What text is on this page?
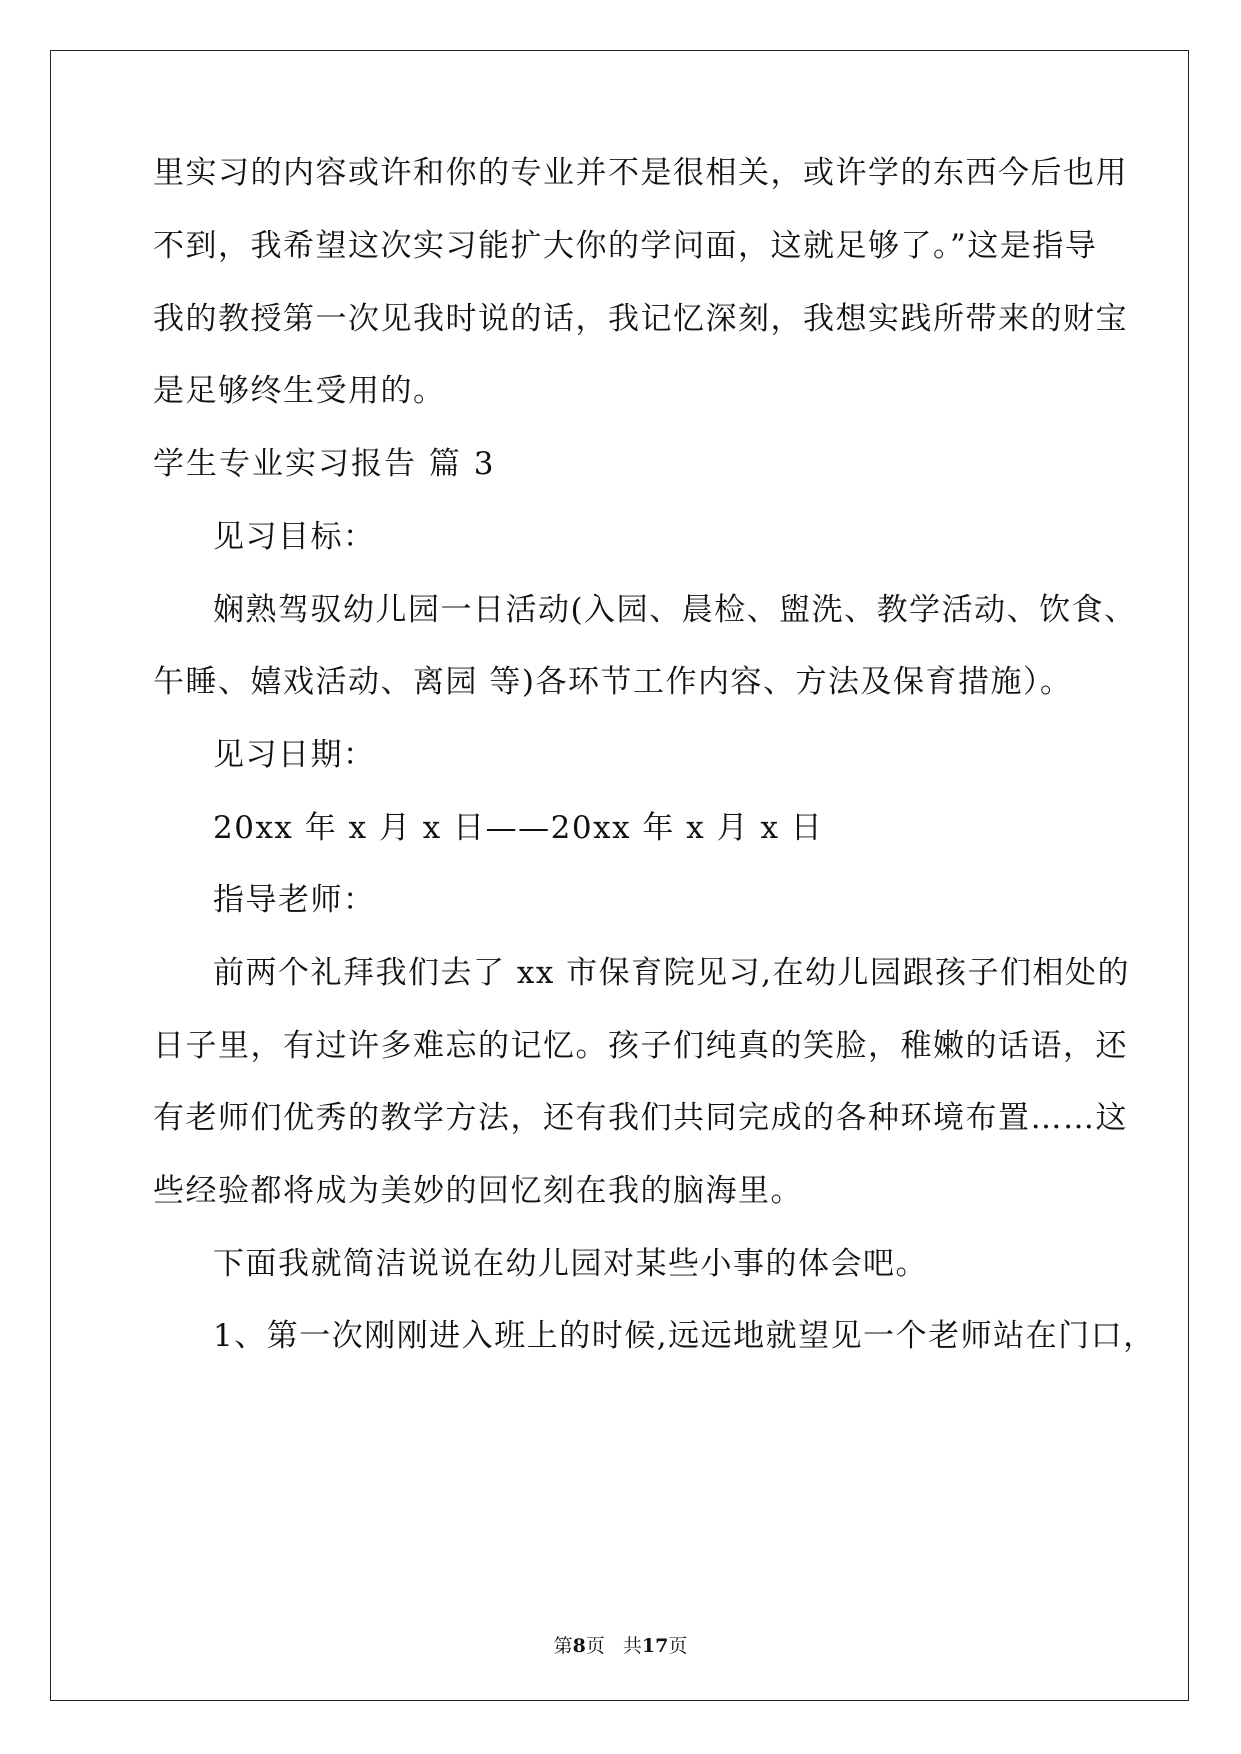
里实习的内容或许和你的专业并不是很相关，或许学的东西今后也用
不到，我希望这次实习能扩大你的学问面，这就足够了。”这是指导
我的教授第一次见我时说的话，我记忆深刻，我想实践所带来的财宝
是足够终生受用的。
学生专业实习报告 篇 3
见习目标：
娴熟驾驭幼儿园一日活动(入园、晨检、盥洗、教学活动、饮食、
午睡、嬉戏活动、离园 等)各环节工作内容、方法及保育措施）。
见习日期：
20xx 年 x 月 x 日——20xx 年 x 月 x 日
指导老师：
前两个礼拜我们去了 xx 市保育院见习,在幼儿园跟孩子们相处的
日子里，有过许多难忘的记忆。孩子们纯真的笑脸，稚嫩的话语，还
有老师们优秀的教学方法，还有我们共同完成的各种环境布置……这
些经验都将成为美妙的回忆刻在我的脑海里。
下面我就简洁说说在幼儿园对某些小事的体会吧。
1、第一次刚刚进入班上的时候,远远地就望见一个老师站在门口，
第8页 共17页
